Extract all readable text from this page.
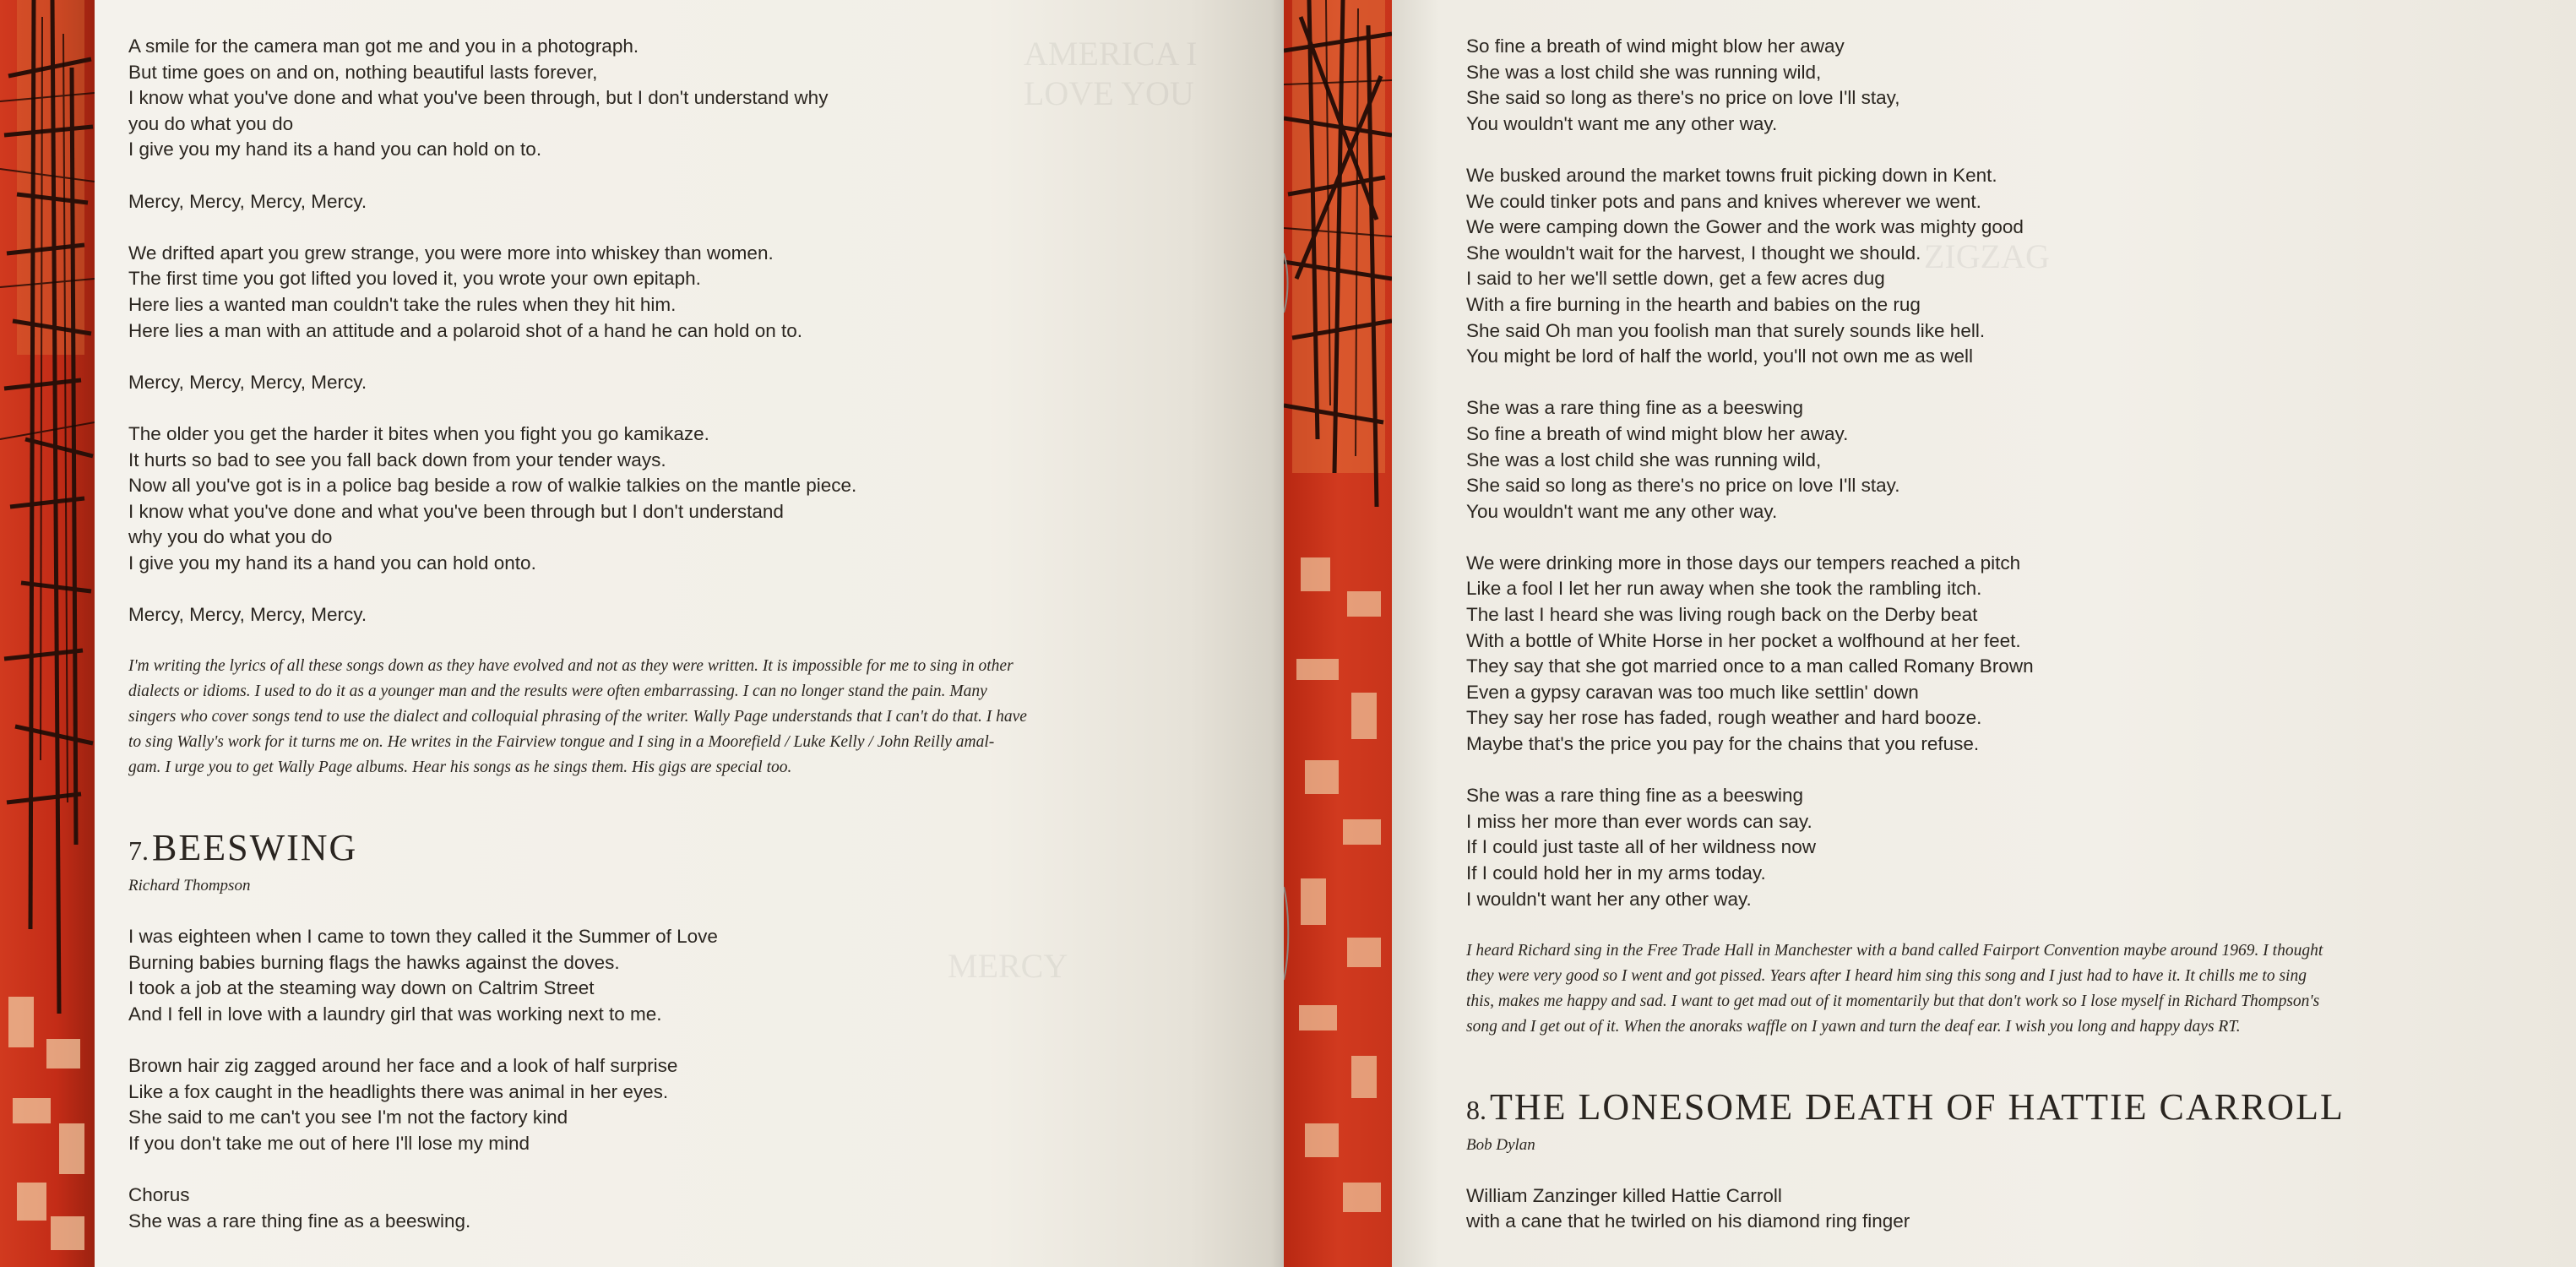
AMERICA I LOVE YOU
MERCY
A smile for the camera man got me and you in a photograph.
But time goes on and on, nothing beautiful lasts forever,
I know what you've done and what you've been through, but I don't understand why
you do what you do
I give you my hand its a hand you can hold on to.
Mercy, Mercy, Mercy, Mercy.
We drifted apart you grew strange, you were more into whiskey than women.
The first time you got lifted you loved it, you wrote your own epitaph.
Here lies a wanted man couldn't take the rules when they hit him.
Here lies a man with an attitude and a polaroid shot of a hand he can hold on to.
Mercy, Mercy, Mercy, Mercy.
The older you get the harder it bites when you fight you go kamikaze.
It hurts so bad to see you fall back down from your tender ways.
Now all you've got is in a police bag beside a row of walkie talkies on the mantle piece.
I know what you've done and what you've been through but I don't understand
why you do what you do
I give you my hand its a hand you can hold onto.
Mercy, Mercy, Mercy, Mercy.
I'm writing the lyrics of all these songs down as they have evolved and not as they were written. It is impossible for me to sing in other
dialects or idioms. I used to do it as a younger man and the results were often embarrassing. I can no longer stand the pain. Many
singers who cover songs tend to use the dialect and colloquial phrasing of the writer. Wally Page understands that I can't do that. I have
to sing Wally's work for it turns me on. He writes in the Fairview tongue and I sing in a Moorefield / Luke Kelly / John Reilly amal-
gam. I urge you to get Wally Page albums. Hear his songs as he sings them. His gigs are special too.
7. BEESWING
Richard Thompson
I was eighteen when I came to town they called it the Summer of Love
Burning babies burning flags the hawks against the doves.
I took a job at the steaming way down on Caltrim Street
And I fell in love with a laundry girl that was working next to me.
Brown hair zig zagged around her face and a look of half surprise
Like a fox caught in the headlights there was animal in her eyes.
She said to me can't you see I'm not the factory kind
If you don't take me out of here I'll lose my mind
Chorus
She was a rare thing fine as a beeswing.
ZIGZAG
So fine a breath of wind might blow her away
She was a lost child she was running wild,
She said so long as there's no price on love I'll stay,
You wouldn't want me any other way.
We busked around the market towns fruit picking down in Kent.
We could tinker pots and pans and knives wherever we went.
We were camping down the Gower and the work was mighty good
She wouldn't wait for the harvest, I thought we should.
I said to her we'll settle down, get a few acres dug
With a fire burning in the hearth and babies on the rug
She said Oh man you foolish man that surely sounds like hell.
You might be lord of half the world, you'll not own me as well
She was a rare thing fine as a beeswing
So fine a breath of wind might blow her away.
She was a lost child she was running wild,
She said so long as there's no price on love I'll stay.
You wouldn't want me any other way.
We were drinking more in those days our tempers reached a pitch
Like a fool I let her run away when she took the rambling itch.
The last I heard she was living rough back on the Derby beat
With a bottle of White Horse in her pocket a wolfhound at her feet.
They say that she got married once to a man called Romany Brown
Even a gypsy caravan was too much like settlin' down
They say her rose has faded, rough weather and hard booze.
Maybe that's the price you pay for the chains that you refuse.
She was a rare thing fine as a beeswing
I miss her more than ever words can say.
If I could just taste all of her wildness now
If I could hold her in my arms today.
I wouldn't want her any other way.
I heard Richard sing in the Free Trade Hall in Manchester with a band called Fairport Convention maybe around 1969. I thought
they were very good so I went and got pissed. Years after I heard him sing this song and I just had to have it. It chills me to sing
this, makes me happy and sad. I want to get mad out of it momentarily but that don't work so I lose myself in Richard Thompson's
song and I get out of it. When the anoraks waffle on I yawn and turn the deaf ear. I wish you long and happy days RT.
8. THE LONESOME DEATH OF HATTIE CARROLL
Bob Dylan
William Zanzinger killed Hattie Carroll
with a cane that he twirled on his diamond ring finger
